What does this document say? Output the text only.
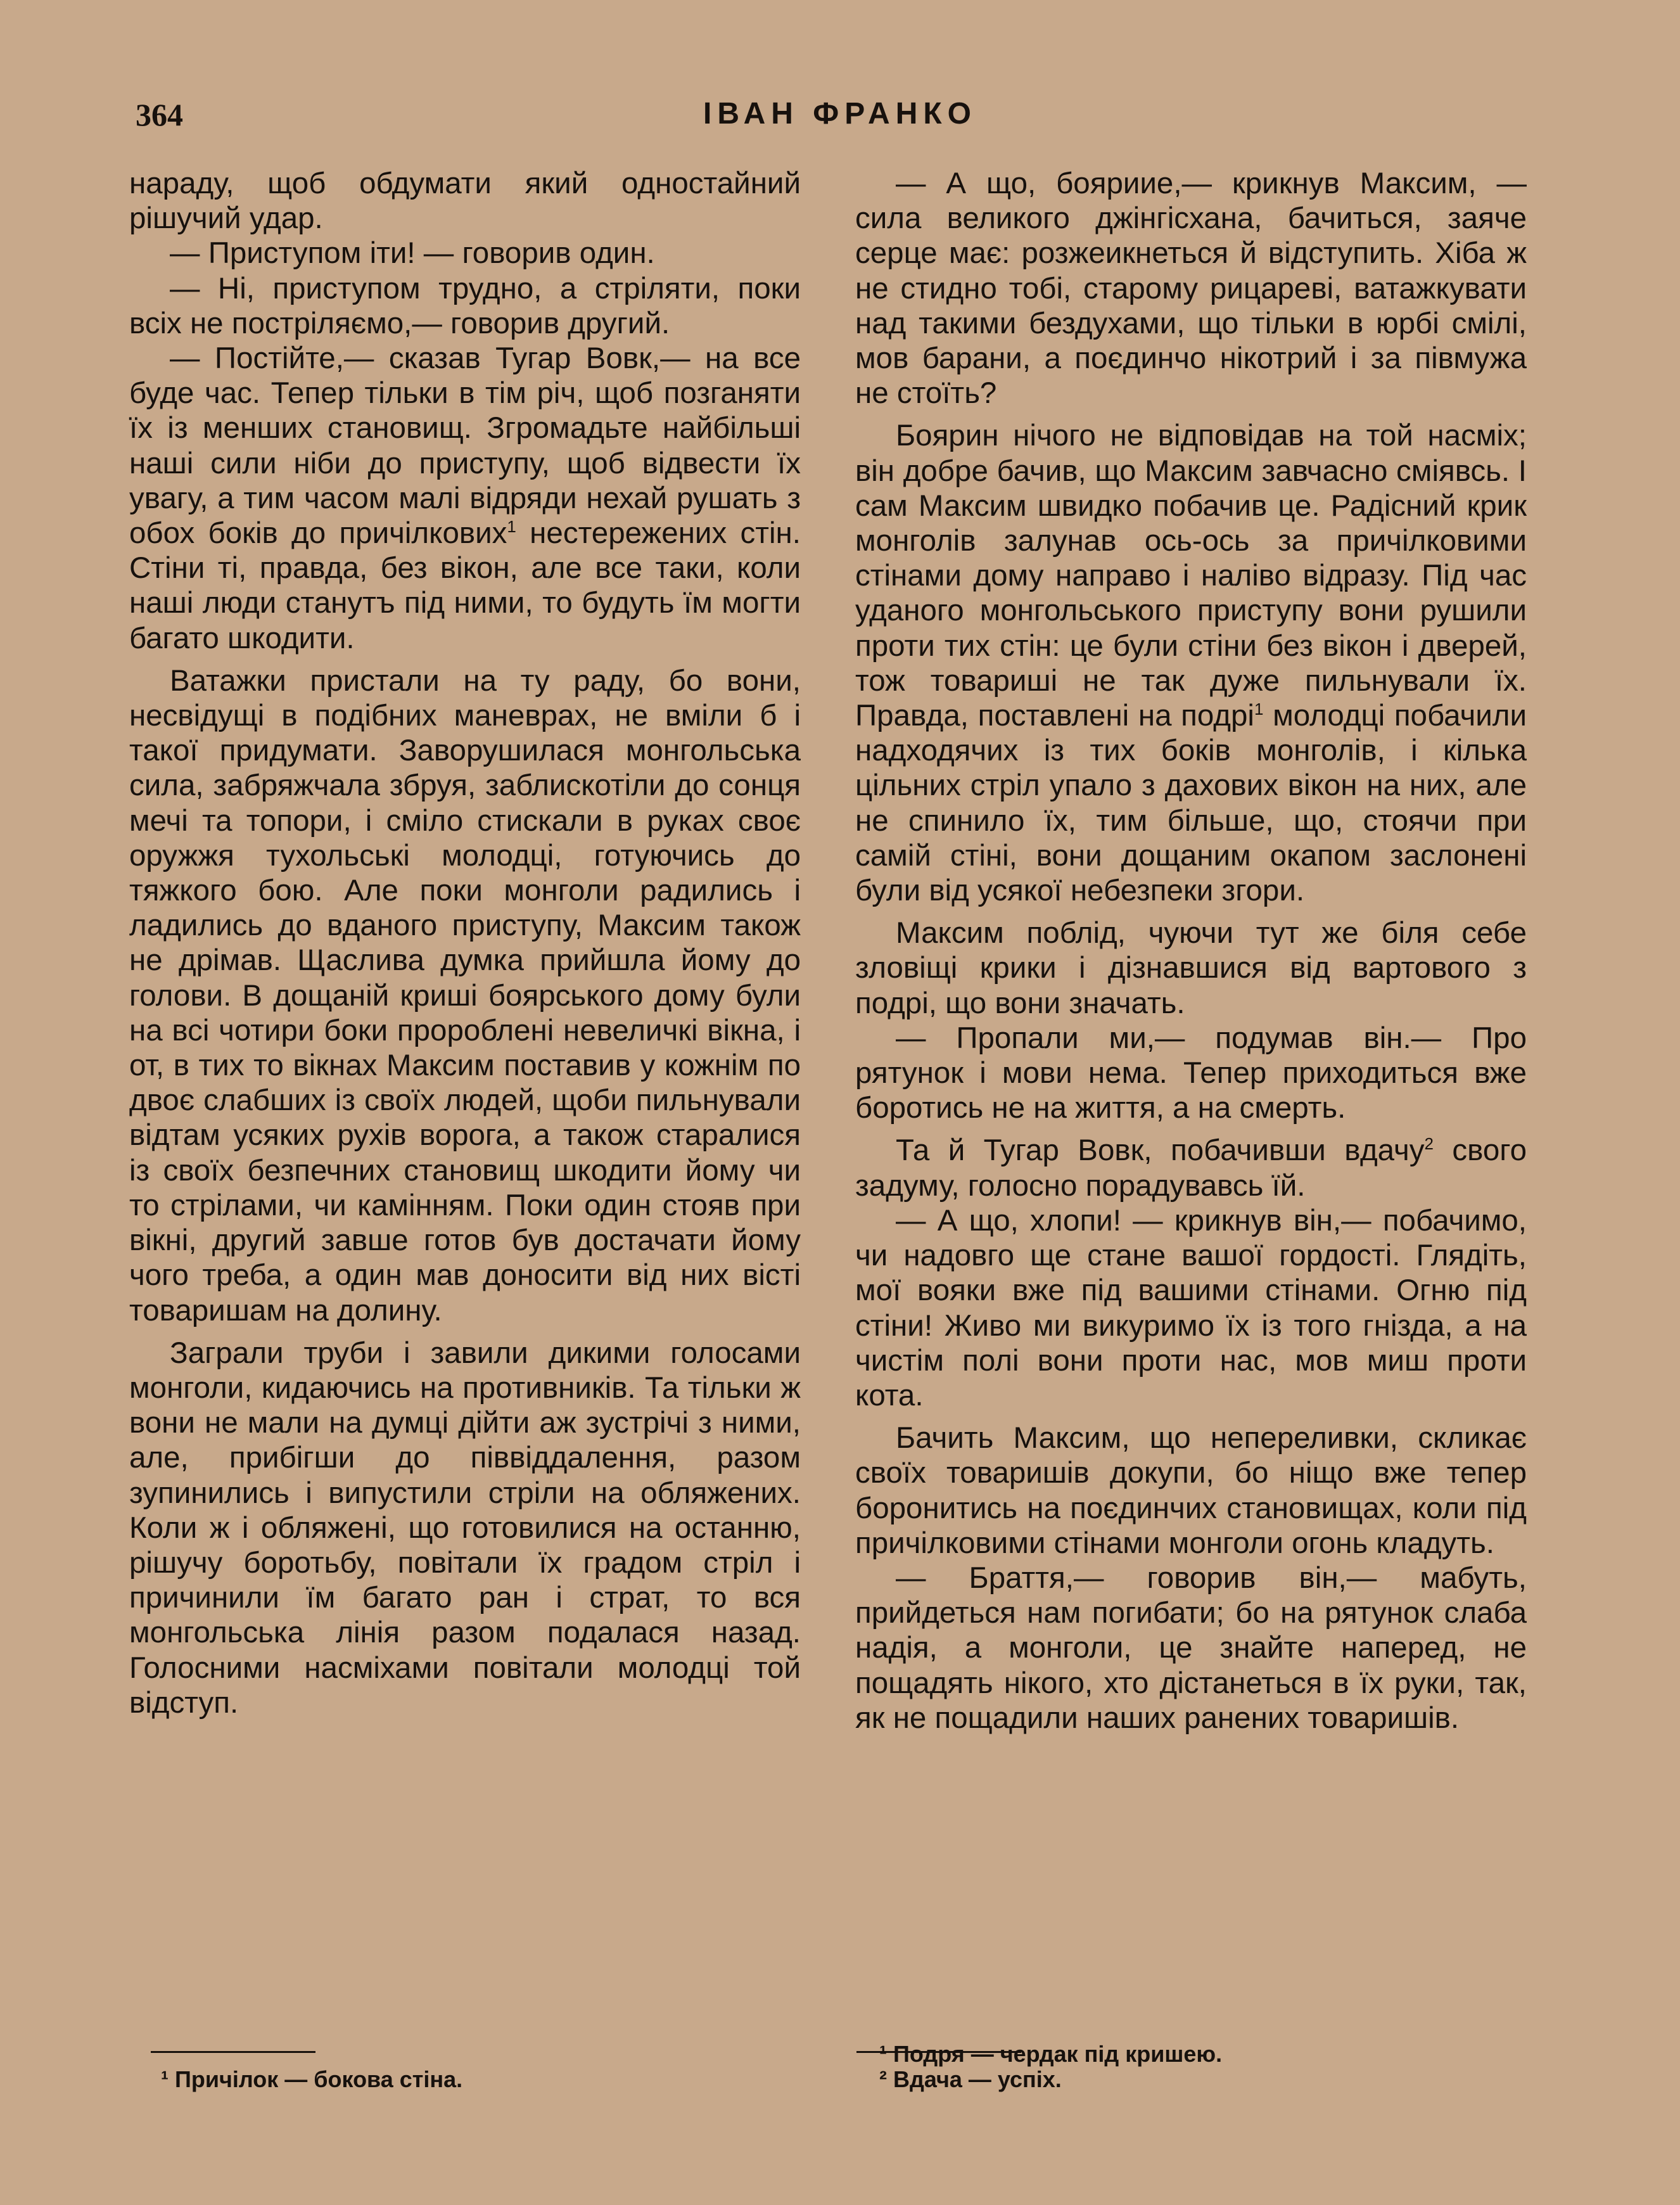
364	ІВАН ФРАНКО

нараду, щоб обдумати який одностайний рішучий удар.

— Приступом іти! — говорив один.

— Ні, приступом трудно, а стріляти, поки всіх не постріляємо,— говорив другий.

— Постійте,— сказав Тугар Вовк,— на все буде час. Тепер тільки в тім річ, щоб позганяти їх із менших становищ. Згромадьте найбільші наші сили ніби до приступу, щоб відвести їх увагу, а тим часом малі відряди нехай рушать з обох боків до причілкових$^1$ нестережених стін. Стіни ті, правда, без вікон, але все таки, коли наші люди станутъ під ними, то будуть їм могти багато шкодити.

Ватажки пристали на ту раду, бо вони, несвідущі в подібних маневрах, не вміли б і такої придумати. Заворушилася монгольська сила, забряжчала збруя, заблискотіли до сонця мечі та топори, і сміло стискали в руках своє оружжя тухольські молодці, готуючись до тяжкого бою. Але поки монголи радились і ладились до вданого приступу, Максим також не дрімав. Щаслива думка прийшла йому до голови. В дощаній криші боярського дому були на всі чотири боки пророблені невеличкі вікна, і от, в тих то вікнах Максим поставив у кожнім по двоє слабших із своїх людей, щоби пильнували відтам усяких рухів ворога, а також старалися із своїх безпечних становищ шкодити йому чи то стрілами, чи камінням. Поки один стояв при вікні, другий завше готов був достачати йому чого треба, а один мав доносити від них вісті товаришам на долину.

Заграли труби і завили дикими голосами монголи, кидаючись на противників. Та тільки ж вони не мали на думці дійти аж зустрічі з ними, але, прибігши до піввіддалення, разом зупинились і випустили стріли на обляжених. Коли ж і обляжені, що готовилися на останню, рішучу боротьбу, повітали їх градом стріл і причинили їм багато ран і страт, то вся монгольська лінія разом подалася назад. Голосними насміхами повітали молодці той відступ.

— А що, бояриие,— крикнув Максим, — сила великого джінгісхана, бачиться, заяче серце має: розжеикнеться й відступить. Хіба ж не стидно тобі, старому рицареві, ватажкувати над такими бездухами, що тільки в юрбі смілі, мов барани, а поєдинчо нікотрий і за півмужа не стоїть?

Боярин нічого не відповідав на той насміх; він добре бачив, що Максим завчасно сміявсь. І сам Максим швидко побачив це. Радісний крик монголів залунав ось-ось за причілковими стінами дому направо і наліво відразу. Під час уданого монгольського приступу вони рушили проти тих стін: це були стіни без вікон і дверей, тож товариші не так дуже пильнували їх. Правда, поставлені на подрі$^1$ молодці побачили надходячих із тих боків монголів, і кілька цільних стріл упало з дахових вікон на них, але не спинило їх, тим більше, що, стоячи при самій стіні, вони дощаним окапом заслонені були від усякої небезпеки згори.

Максим поблід, чуючи тут же біля себе зловіщі крики і дізнавшися від вартового з подрі, що вони значать.

— Пропали ми,— подумав він.— Про рятунок і мови нема. Тепер приходиться вже боротись не на життя, а на смерть.

Та й Тугар Вовк, побачивши вдачу$^2$ свого задуму, голосно порадувавсь їй.

— А що, хлопи! — крикнув він,— побачимо, чи надовго ще стане вашої гордості. Глядіть, мої вояки вже під вашими стінами. Огню під стіни! Живо ми викуримо їх із того гнізда, а на чистім полі вони проти нас, мов миш проти кота.

Бачить Максим, що непереливки, скликає своїх товаришів докупи, бо ніщо вже тепер боронитись на поєдинчих становищах, коли під причілковими стінами монголи огонь кладуть.

— Браття,— говорив він,— мабуть, прийдеться нам погибати; бо на рятунок слаба надія, а монголи, це знайте наперед, не пощадять нікого, хто дістанеться в їх руки, так, як не пощадили наших ранених товаришів.

¹ Причілок — бокова стіна.
¹ Подря — чердак під кришею.
² Вдача — успіх.
